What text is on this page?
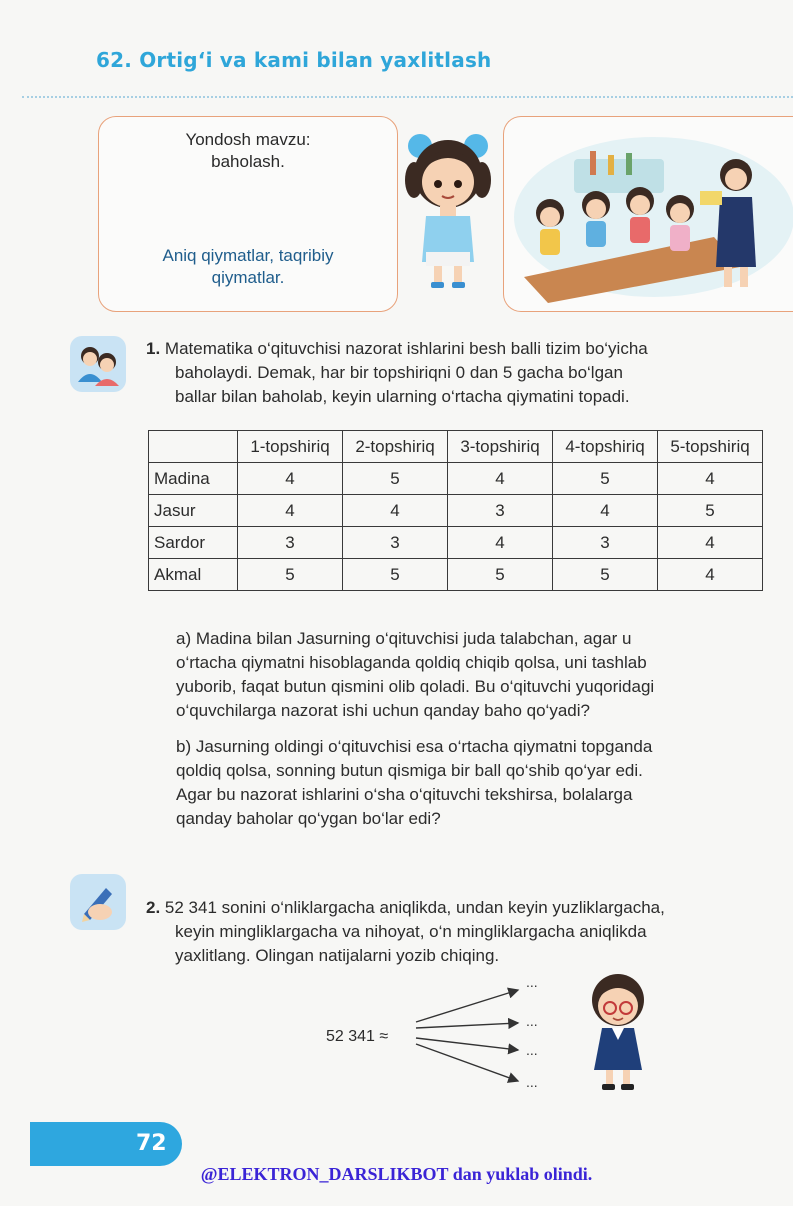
62. Ortig‘i va kami bilan yaxlitlash
Yondosh mavzu:
baholash.
Aniq qiymatlar, taqribiy
qiymatlar.
1. Matematika o‘qituvchisi nazorat ishlarini besh balli tizim bo‘yicha
baholaydi. Demak, har bir topshiriqni 0 dan 5 gacha bo‘lgan
ballar bilan baholab, keyin ularning o‘rtacha qiymatini topadi.
	1-topshiriq	2-topshiriq	3-topshiriq	4-topshiriq	5-topshiriq
Madina	4	5	4	5	4
Jasur	4	4	3	4	5
Sardor	3	3	4	3	4
Akmal	5	5	5	5	4
a) Madina bilan Jasurning o‘qituvchisi juda talabchan, agar u
o‘rtacha qiymatni hisoblaganda qoldiq chiqib qolsa, uni tashlab
yuborib, faqat butun qismini olib qoladi. Bu o‘qituvchi yuqoridagi
o‘quvchilarga nazorat ishi uchun qanday baho qo‘yadi?
b) Jasurning oldingi o‘qituvchisi esa o‘rtacha qiymatni topganda
qoldiq qolsa, sonning butun qismiga bir ball qo‘shib qo‘yar edi.
Agar bu nazorat ishlarini o‘sha o‘qituvchi tekshirsa, bolalarga
qanday baholar qo‘ygan bo‘lar edi?
2. 52 341 sonini o‘nliklargacha aniqlikda, undan keyin yuzliklargacha,
keyin mingliklargacha va nihoyat, o‘n mingliklargacha aniqlikda
yaxlitlang. Olingan natijalarni yozib chiqing.
52 341 ≈
...
...
...
...
72
@ELEKTRON_DARSLIKBOT dan yuklab olindi.
